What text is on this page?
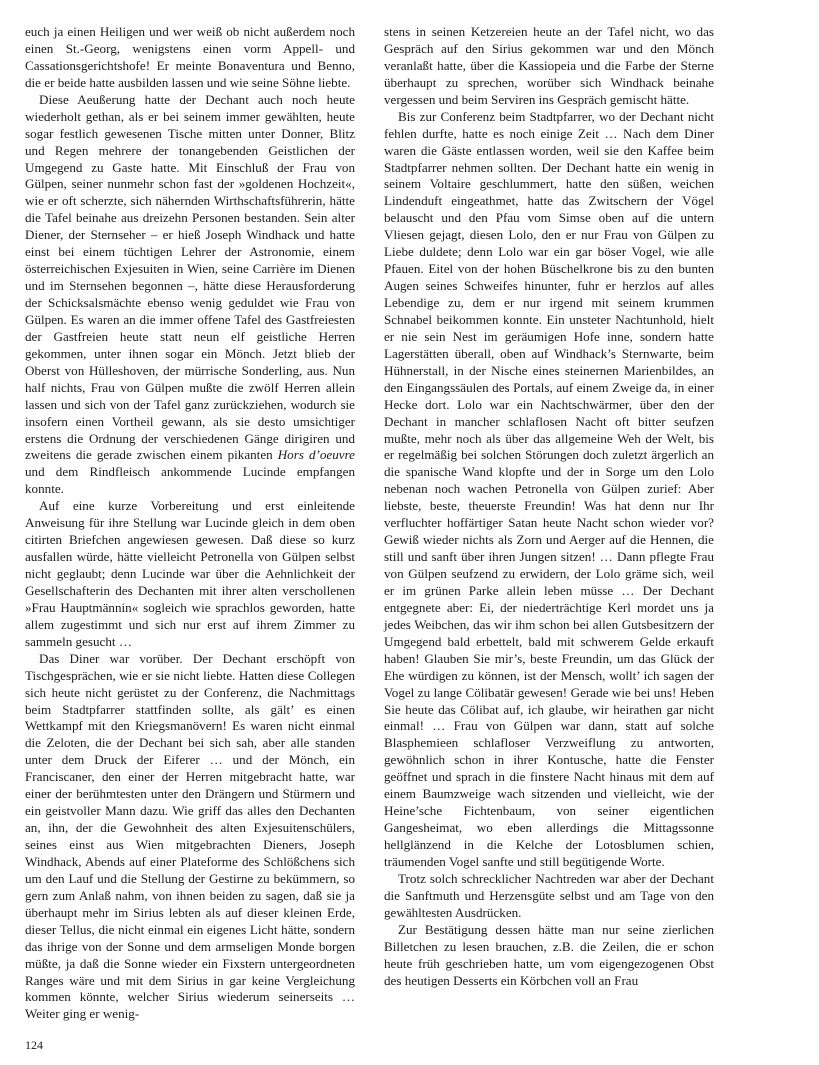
euch ja einen Heiligen und wer weiß ob nicht außerdem noch einen St.-Georg, wenigstens einen vorm Appell- und Cassationsgerichtshofe! Er meinte Bonaventura und Benno, die er beide hatte ausbilden lassen und wie seine Söhne liebte.

Diese Aeußerung hatte der Dechant auch noch heute wiederholt gethan, als er bei seinem immer gewählten, heute sogar festlich gewesenen Tische mitten unter Donner, Blitz und Regen mehrere der tonangebenden Geistlichen der Umgegend zu Gaste hatte. Mit Einschluß der Frau von Gülpen, seiner nunmehr schon fast der »goldenen Hochzeit«, wie er oft scherzte, sich nähernden Wirthschaftsführerin, hätte die Tafel beinahe aus dreizehn Personen bestanden. Sein alter Diener, der Sternseher – er hieß Joseph Windhack und hatte einst bei einem tüchtigen Lehrer der Astronomie, einem österreichischen Exjesuiten in Wien, seine Carrière im Dienen und im Sternsehen begonnen –, hätte diese Herausforderung der Schicksalsmächte ebenso wenig geduldet wie Frau von Gülpen. Es waren an die immer offene Tafel des Gastfreiesten der Gastfreien heute statt neun elf geistliche Herren gekommen, unter ihnen sogar ein Mönch. Jetzt blieb der Oberst von Hülleshoven, der mürrische Sonderling, aus. Nun half nichts, Frau von Gülpen mußte die zwölf Herren allein lassen und sich von der Tafel ganz zurückziehen, wodurch sie insofern einen Vortheil gewann, als sie desto umsichtiger erstens die Ordnung der verschiedenen Gänge dirigiren und zweitens die gerade zwischen einem pikanten Hors d’oeuvre und dem Rindfleisch ankommende Lucinde empfangen konnte.

Auf eine kurze Vorbereitung und erst einleitende Anweisung für ihre Stellung war Lucinde gleich in dem oben citirten Briefchen angewiesen gewesen. Daß diese so kurz ausfallen würde, hätte vielleicht Petronella von Gülpen selbst nicht geglaubt; denn Lucinde war über die Aehnlichkeit der Gesellschafterin des Dechanten mit ihrer alten verschollenen »Frau Hauptmännin« sogleich wie sprachlos geworden, hatte allem zugestimmt und sich nur erst auf ihrem Zimmer zu sammeln gesucht …

Das Diner war vorüber. Der Dechant erschöpft von Tischgesprächen, wie er sie nicht liebte. Hatten diese Collegen sich heute nicht gerüstet zu der Conferenz, die Nachmittags beim Stadtpfarrer stattfinden sollte, als gält’ es einen Wettkampf mit den Kriegsmanövern! Es waren nicht einmal die Zeloten, die der Dechant bei sich sah, aber alle standen unter dem Druck der Eiferer … und der Mönch, ein Franciscaner, den einer der Herren mitgebracht hatte, war einer der berühmtesten unter den Drängern und Stürmern und ein geistvoller Mann dazu. Wie griff das alles den Dechanten an, ihn, der die Gewohnheit des alten Exjesuitenschülers, seines einst aus Wien mitgebrachten Dieners, Joseph Windhack, Abends auf einer Plateforme des Schlößchens sich um den Lauf und die Stellung der Gestirne zu bekümmern, so gern zum Anlaß nahm, von ihnen beiden zu sagen, daß sie ja überhaupt mehr im Sirius lebten als auf dieser kleinen Erde, dieser Tellus, die nicht einmal ein eigenes Licht hätte, sondern das ihrige von der Sonne und dem armseligen Monde borgen müßte, ja daß die Sonne wieder ein Fixstern untergeordneten Ranges wäre und mit dem Sirius in gar keine Vergleichung kommen könnte, welcher Sirius wiederum seinerseits … Weiter ging er wenig-

stens in seinen Ketzereien heute an der Tafel nicht, wo das Gespräch auf den Sirius gekommen war und den Mönch veranlaßt hatte, über die Kassiopeia und die Farbe der Sterne überhaupt zu sprechen, worüber sich Windhack beinahe vergessen und beim Serviren ins Gespräch gemischt hätte.

Bis zur Conferenz beim Stadtpfarrer, wo der Dechant nicht fehlen durfte, hatte es noch einige Zeit … Nach dem Diner waren die Gäste entlassen worden, weil sie den Kaffee beim Stadtpfarrer nehmen sollten. Der Dechant hatte ein wenig in seinem Voltaire geschlummert, hatte den süßen, weichen Lindenduft eingeathmet, hatte das Zwitschern der Vögel belauscht und den Pfau vom Simse oben auf die untern Vliesen gejagt, diesen Lolo, den er nur Frau von Gülpen zu Liebe duldete; denn Lolo war ein gar böser Vogel, wie alle Pfauen. Eitel von der hohen Büschelkrone bis zu den bunten Augen seines Schweifes hinunter, fuhr er herzlos auf alles Lebendige zu, dem er nur irgend mit seinem krummen Schnabel beikommen konnte. Ein unsteter Nachtunhold, hielt er nie sein Nest im geräumigen Hofe inne, sondern hatte Lagerstätten überall, oben auf Windhack’s Sternwarte, beim Hühnerstall, in der Nische eines steinernen Marienbildes, an den Eingangssäulen des Portals, auf einem Zweige da, in einer Hecke dort. Lolo war ein Nachtschwärmer, über den der Dechant in mancher schlaflosen Nacht oft bitter seufzen mußte, mehr noch als über das allgemeine Weh der Welt, bis er regelmäßig bei solchen Störungen doch zuletzt ärgerlich an die spanische Wand klopfte und der in Sorge um den Lolo nebenan noch wachen Petronella von Gülpen zurief: Aber liebste, beste, theuerste Freundin! Was hat denn nur Ihr verfluchter hoffärtiger Satan heute Nacht schon wieder vor? Gewiß wieder nichts als Zorn und Aerger auf die Hennen, die still und sanft über ihren Jungen sitzen! … Dann pflegte Frau von Gülpen seufzend zu erwidern, der Lolo gräme sich, weil er im grünen Parke allein leben müsse … Der Dechant entgegnete aber: Ei, der niederträchtige Kerl mordet uns ja jedes Weibchen, das wir ihm schon bei allen Gutsbesitzern der Umgegend bald erbettelt, bald mit schwerem Gelde erkauft haben! Glauben Sie mir’s, beste Freundin, um das Glück der Ehe würdigen zu können, ist der Mensch, wollt’ ich sagen der Vogel zu lange Cölibatär gewesen! Gerade wie bei uns! Heben Sie heute das Cölibat auf, ich glaube, wir heirathen gar nicht einmal! … Frau von Gülpen war dann, statt auf solche Blasphemieen schlafloser Verzweiflung zu antworten, gewöhnlich schon in ihrer Kontusche, hatte die Fenster geöffnet und sprach in die finstere Nacht hinaus mit dem auf einem Baumzweige wach sitzenden und vielleicht, wie der Heine’sche Fichtenbaum, von seiner eigentlichen Gangesheimat, wo eben allerdings die Mittagssonne hellglänzend in die Kelche der Lotosblumen schien, träumenden Vogel sanfte und still begütigende Worte.

Trotz solch schrecklicher Nachtreden war aber der Dechant die Sanftmuth und Herzensgüte selbst und am Tage von den gewähltesten Ausdrücken.

Zur Bestätigung dessen hätte man nur seine zierlichen Billetchen zu lesen brauchen, z.B. die Zeilen, die er schon heute früh geschrieben hatte, um vom eigengezogenen Obst des heutigen Desserts ein Körbchen voll an Frau

124
